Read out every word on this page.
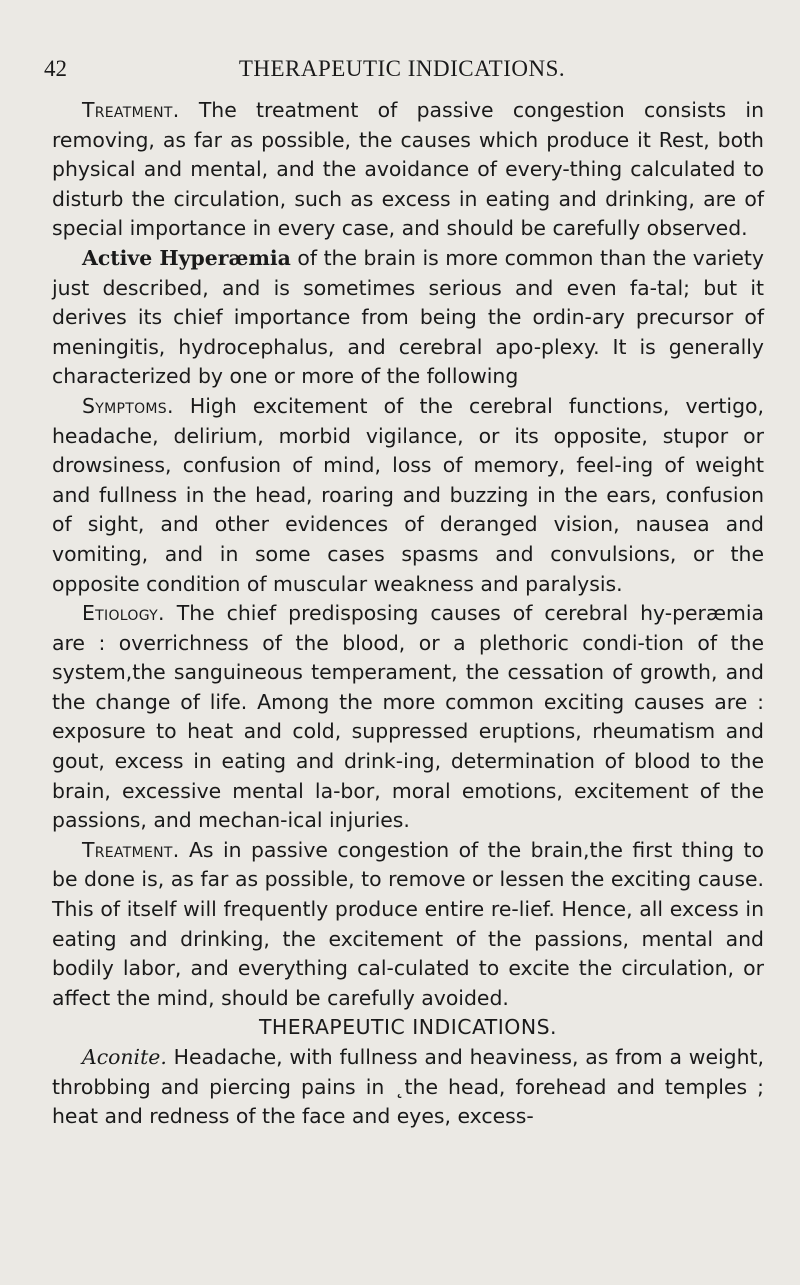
42	THERAPEUTIC INDICATIONS.

Treatment. The treatment of passive congestion consists in removing, as far as possible, the causes which produce it Rest, both physical and mental, and the avoidance of every-thing calculated to disturb the circulation, such as excess in eating and drinking, are of special importance in every case, and should be carefully observed.

Active Hyperæmia of the brain is more common than the variety just described, and is sometimes serious and even fa-tal; but it derives its chief importance from being the ordin-ary precursor of meningitis, hydrocephalus, and cerebral apo-plexy. It is generally characterized by one or more of the following

Symptoms. High excitement of the cerebral functions, vertigo, headache, delirium, morbid vigilance, or its opposite, stupor or drowsiness, confusion of mind, loss of memory, feel-ing of weight and fullness in the head, roaring and buzzing in the ears, confusion of sight, and other evidences of deranged vision, nausea and vomiting, and in some cases spasms and convulsions, or the opposite condition of muscular weakness and paralysis.

Etiology. The chief predisposing causes of cerebral hy-peræmia are : overrichness of the blood, or a plethoric condi-tion of the system,the sanguineous temperament, the cessation of growth, and the change of life. Among the more common exciting causes are : exposure to heat and cold, suppressed eruptions, rheumatism and gout, excess in eating and drink-ing, determination of blood to the brain, excessive mental la-bor, moral emotions, excitement of the passions, and mechan-ical injuries.

Treatment. As in passive congestion of the brain,the first thing to be done is, as far as possible, to remove or lessen the exciting cause. This of itself will frequently produce entire re-lief. Hence, all excess in eating and drinking, the excitement of the passions, mental and bodily labor, and everything cal-culated to excite the circulation, or affect the mind, should be carefully avoided.

THERAPEUTIC INDICATIONS.

Aconite. Headache, with fullness and heaviness, as from a weight, throbbing and piercing pains in ˛the head, forehead and temples ; heat and redness of the face and eyes, excess-
